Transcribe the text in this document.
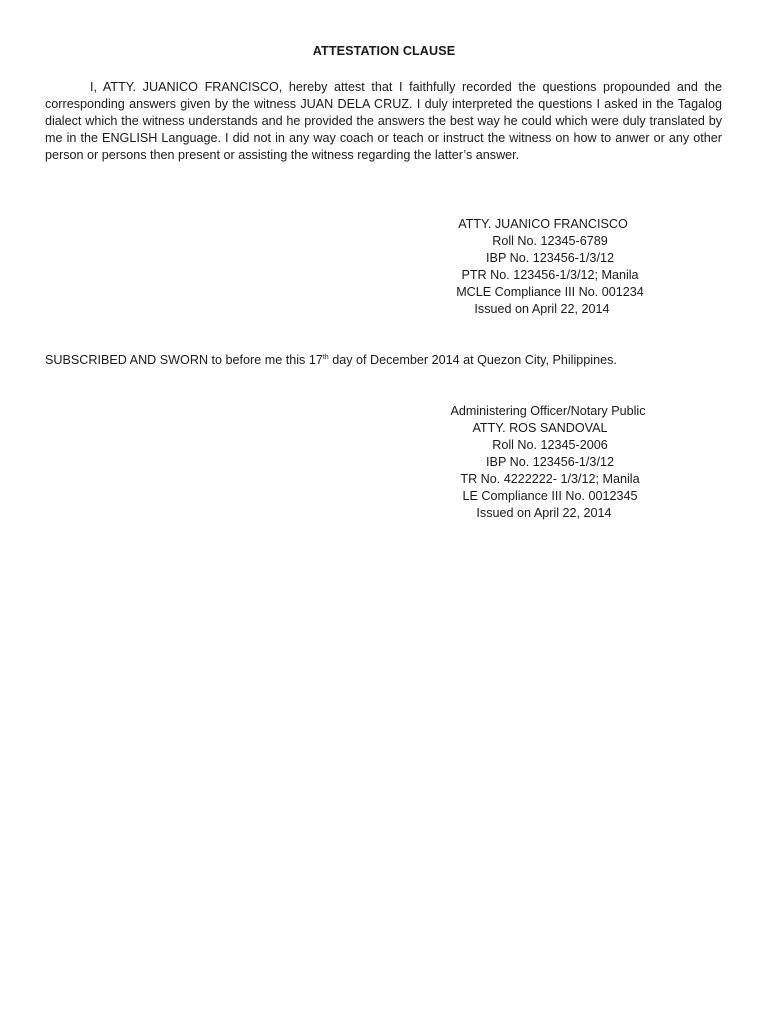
ATTESTATION CLAUSE

I, ATTY. JUANICO FRANCISCO, hereby attest that I faithfully recorded the questions propounded and the corresponding answers given by the witness JUAN DELA CRUZ. I duly interpreted the questions I asked in the Tagalog dialect which the witness understands and he provided the answers the best way he could which were duly translated by me in the ENGLISH Language. I did not in any way coach or teach or instruct the witness on how to anwer or any other person or persons then present or assisting the witness regarding the latter’s answer.

ATTY. JUANICO FRANCISCO
Roll No. 12345-6789
IBP No. 123456-1/3/12
PTR No. 123456-1/3/12; Manila
MCLE Compliance III No. 001234
Issued on April 22, 2014

SUBSCRIBED AND SWORN to before me this 17th day of December 2014 at Quezon City, Philippines.

Administering Officer/Notary Public
ATTY. ROS SANDOVAL
Roll No. 12345-2006
IBP No. 123456-1/3/12
TR No. 4222222- 1/3/12; Manila
LE Compliance III No. 0012345
Issued on April 22, 2014
